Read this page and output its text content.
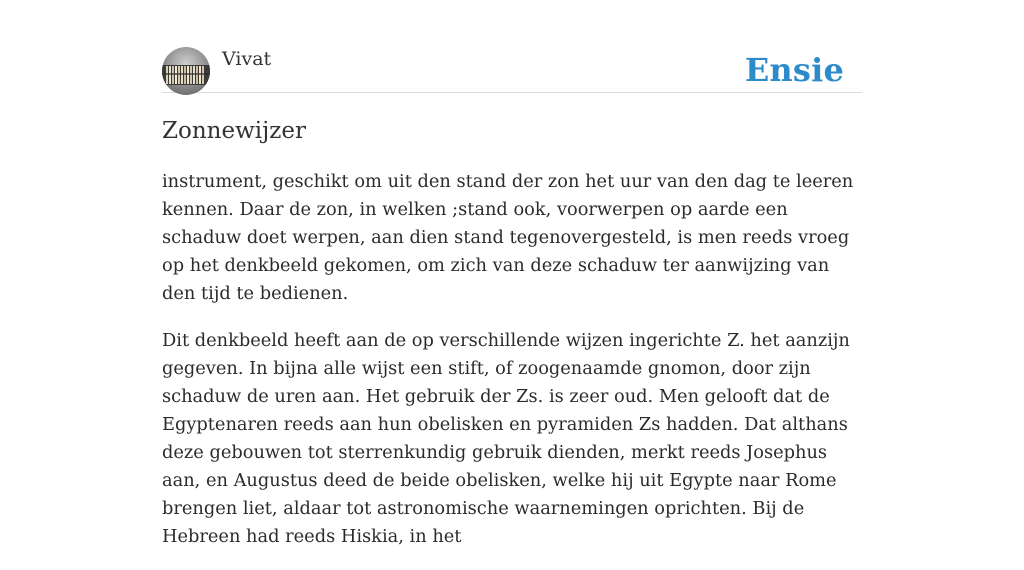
Vivat	Ensie
Zonnewijzer

instrument, geschikt om uit den stand der zon het uur van den dag te leeren kennen. Daar de zon, in welken ;stand ook, voorwerpen op aarde een schaduw doet werpen, aan dien stand tegenovergesteld, is men reeds vroeg op het denkbeeld gekomen, om zich van deze schaduw ter aanwijzing van den tijd te bedienen.

Dit denkbeeld heeft aan de op verschillende wijzen ingerichte Z. het aanzijn gegeven. In bijna alle wijst een stift, of zoogenaamde gnomon, door zijn schaduw de uren aan. Het gebruik der Zs. is zeer oud. Men gelooft dat de Egyptenaren reeds aan hun obelisken en pyramiden Zs hadden. Dat althans deze gebouwen tot sterrenkundig gebruik dienden, merkt reeds Josephus aan, en Augustus deed de beide obelisken, welke hij uit Egypte naar Rome brengen liet, aldaar tot astronomische waarnemingen oprichten. Bij de Hebreen had reeds Hiskia, in het
